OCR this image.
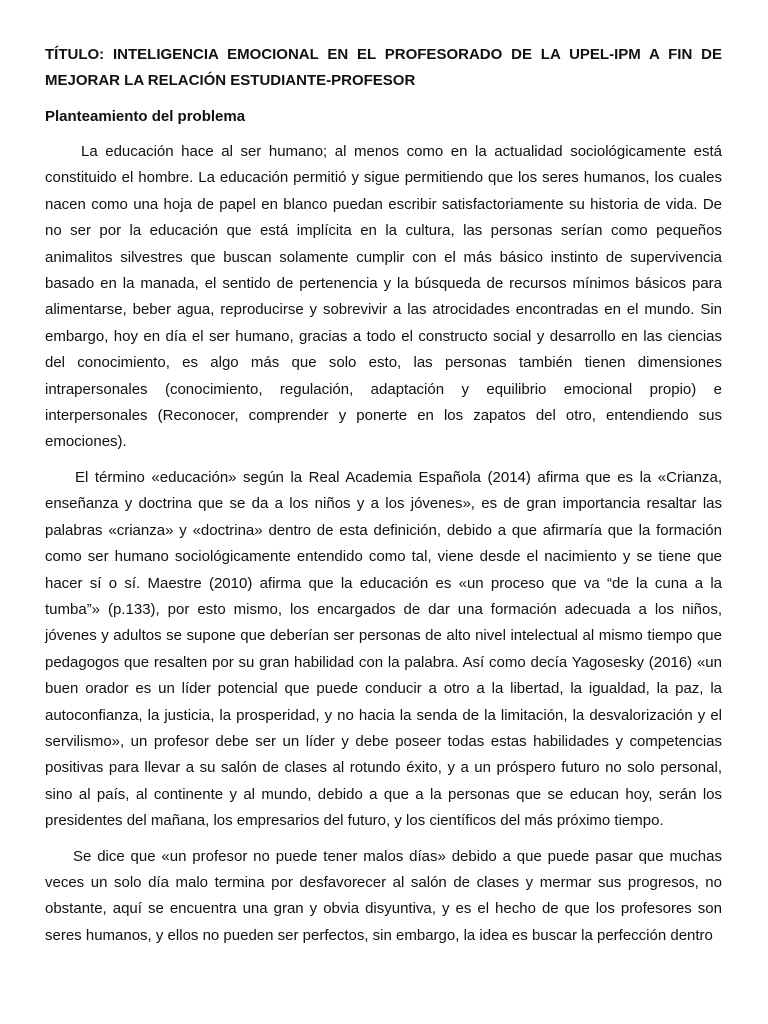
TÍTULO: INTELIGENCIA EMOCIONAL EN EL PROFESORADO DE LA UPEL-IPM A FIN DE MEJORAR LA RELACIÓN ESTUDIANTE-PROFESOR
Planteamiento del problema

La educación hace al ser humano; al menos como en la actualidad sociológicamente está constituido el hombre. La educación permitió y sigue permitiendo que los seres humanos, los cuales nacen como una hoja de papel en blanco puedan escribir satisfactoriamente su historia de vida. De no ser por la educación que está implícita en la cultura, las personas serían como pequeños animalitos silvestres que buscan solamente cumplir con el más básico instinto de supervivencia basado en la manada, el sentido de pertenencia y la búsqueda de recursos mínimos básicos para alimentarse, beber agua, reproducirse y sobrevivir a las atrocidades encontradas en el mundo. Sin embargo, hoy en día el ser humano, gracias a todo el constructo social y desarrollo en las ciencias del conocimiento, es algo más que solo esto, las personas también tienen dimensiones intrapersonales (conocimiento, regulación, adaptación y equilibrio emocional propio) e interpersonales (Reconocer, comprender y ponerte en los zapatos del otro, entendiendo sus emociones).

El término «educación» según la Real Academia Española (2014) afirma que es la «Crianza, enseñanza y doctrina que se da a los niños y a los jóvenes», es de gran importancia resaltar las palabras «crianza» y «doctrina» dentro de esta definición, debido a que afirmaría que la formación como ser humano sociológicamente entendido como tal, viene desde el nacimiento y se tiene que hacer sí o sí. Maestre (2010) afirma que la educación es «un proceso que va “de la cuna a la tumba”» (p.133), por esto mismo, los encargados de dar una formación adecuada a los niños, jóvenes y adultos se supone que deberían ser personas de alto nivel intelectual al mismo tiempo que pedagogos que resalten por su gran habilidad con la palabra. Así como decía Yagosesky (2016) «un buen orador es un líder potencial que puede conducir a otro a la libertad, la igualdad, la paz, la autoconfianza, la justicia, la prosperidad, y no hacia la senda de la limitación, la desvalorización y el servilismo», un profesor debe ser un líder y debe poseer todas estas habilidades y competencias positivas para llevar a su salón de clases al rotundo éxito, y a un próspero futuro no solo personal, sino al país, al continente y al mundo, debido a que a la personas que se educan hoy, serán los presidentes del mañana, los empresarios del futuro, y los científicos del más próximo tiempo.

Se dice que «un profesor no puede tener malos días» debido a que puede pasar que muchas veces un solo día malo termina por desfavorecer al salón de clases y mermar sus progresos, no obstante, aquí se encuentra una gran y obvia disyuntiva, y es el hecho de que los profesores son seres humanos, y ellos no pueden ser perfectos, sin embargo, la idea es buscar la perfección dentro
